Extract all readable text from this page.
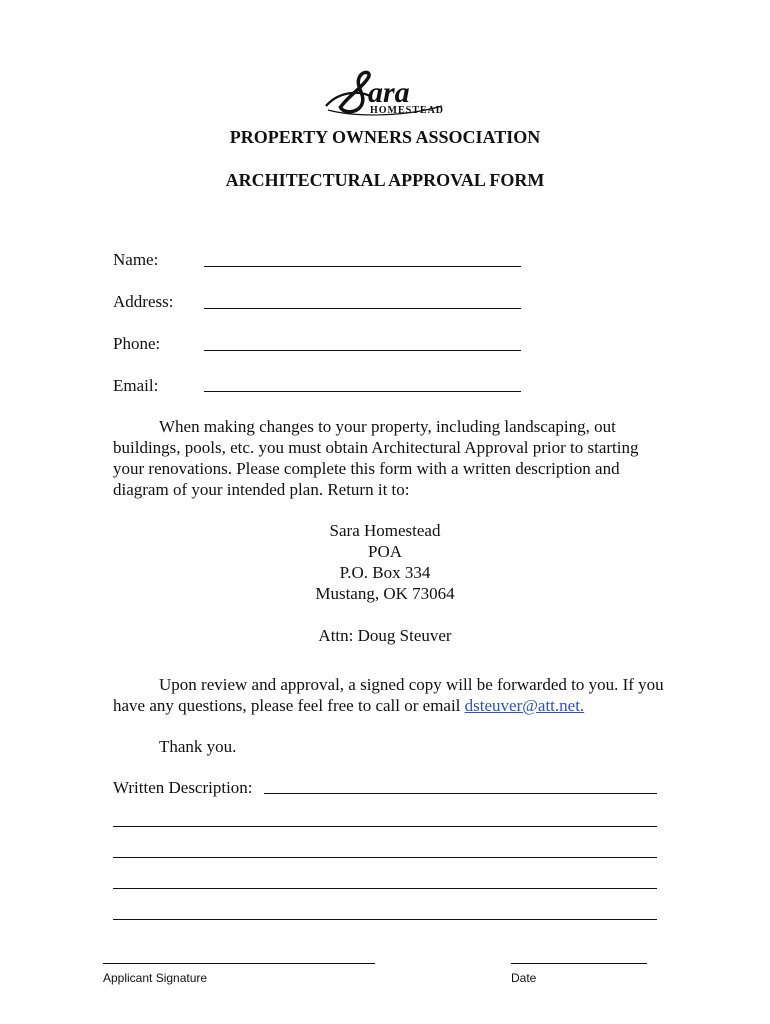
ara
HOMESTEAD
PROPERTY OWNERS ASSOCIATION
ARCHITECTURAL APPROVAL FORM
Name:
Address:
Phone:
Email:

When making changes to your property, including landscaping, out buildings, pools, etc. you must obtain Architectural Approval prior to starting your renovations. Please complete this form with a written description and diagram of your intended plan. Return it to:

Sara Homestead
POA
P.O. Box 334
Mustang, OK 73064
Attn: Doug Steuver

Upon review and approval, a signed copy will be forwarded to you. If you have any questions, please feel free to call or email dsteuver@att.net.

Thank you.

Written Description:
Applicant Signature	Date
